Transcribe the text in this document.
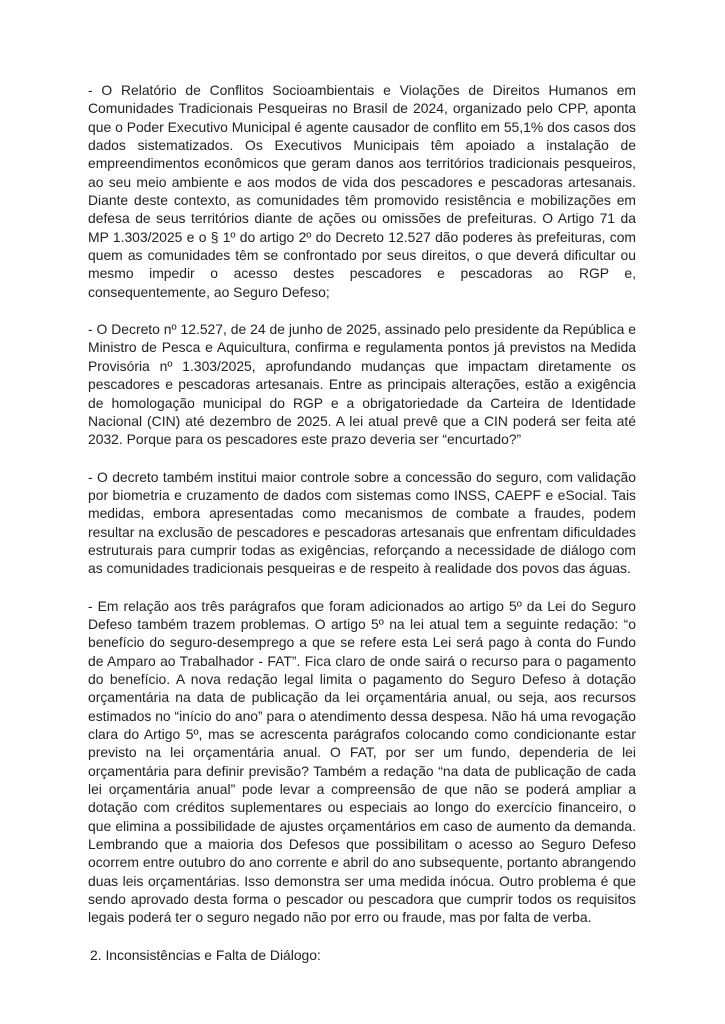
- O Relatório de Conflitos Socioambientais e Violações de Direitos Humanos em Comunidades Tradicionais Pesqueiras no Brasil de 2024, organizado pelo CPP, aponta que o Poder Executivo Municipal é agente causador de conflito em 55,1% dos casos dos dados sistematizados. Os Executivos Municipais têm apoiado a instalação de empreendimentos econômicos que geram danos aos territórios tradicionais pesqueiros, ao seu meio ambiente e aos modos de vida dos pescadores e pescadoras artesanais. Diante deste contexto, as comunidades têm promovido resistência e mobilizações em defesa de seus territórios diante de ações ou omissões de prefeituras. O Artigo 71 da MP 1.303/2025 e o § 1º do artigo 2º do Decreto 12.527 dão poderes às prefeituras, com quem as comunidades têm se confrontado por seus direitos, o que deverá dificultar ou mesmo impedir o acesso destes pescadores e pescadoras ao RGP e, consequentemente, ao Seguro Defeso;

- O Decreto nº 12.527, de 24 de junho de 2025, assinado pelo presidente da República e Ministro de Pesca e Aquicultura, confirma e regulamenta pontos já previstos na Medida Provisória nº 1.303/2025, aprofundando mudanças que impactam diretamente os pescadores e pescadoras artesanais. Entre as principais alterações, estão a exigência de homologação municipal do RGP e a obrigatoriedade da Carteira de Identidade Nacional (CIN) até dezembro de 2025. A lei atual prevê que a CIN poderá ser feita até 2032. Porque para os pescadores este prazo deveria ser “encurtado?”

- O decreto também institui maior controle sobre a concessão do seguro, com validação por biometria e cruzamento de dados com sistemas como INSS, CAEPF e eSocial. Tais medidas, embora apresentadas como mecanismos de combate a fraudes, podem resultar na exclusão de pescadores e pescadoras artesanais que enfrentam dificuldades estruturais para cumprir todas as exigências, reforçando a necessidade de diálogo com as comunidades tradicionais pesqueiras e de respeito à realidade dos povos das águas.

- Em relação aos três parágrafos que foram adicionados ao artigo 5º da Lei do Seguro Defeso também trazem problemas. O artigo 5º na lei atual tem a seguinte redação: “o benefício do seguro-desemprego a que se refere esta Lei será pago à conta do Fundo de Amparo ao Trabalhador - FAT”. Fica claro de onde sairá o recurso para o pagamento do benefício. A nova redação legal limita o pagamento do Seguro Defeso à dotação orçamentária na data de publicação da lei orçamentária anual, ou seja, aos recursos estimados no “início do ano” para o atendimento dessa despesa. Não há uma revogação clara do Artigo 5º, mas se acrescenta parágrafos colocando como condicionante estar previsto na lei orçamentária anual. O FAT, por ser um fundo, dependeria de lei orçamentária para definir previsão? Também a redação “na data de publicação de cada lei orçamentária anual” pode levar a compreensão de que não se poderá ampliar a dotação com créditos suplementares ou especiais ao longo do exercício financeiro, o que elimina a possibilidade de ajustes orçamentários em caso de aumento da demanda. Lembrando que a maioria dos Defesos que possibilitam o acesso ao Seguro Defeso ocorrem entre outubro do ano corrente e abril do ano subsequente, portanto abrangendo duas leis orçamentárias. Isso demonstra ser uma medida inócua. Outro problema é que sendo aprovado desta forma o pescador ou pescadora que cumprir todos os requisitos legais poderá ter o seguro negado não por erro ou fraude, mas por falta de verba.

2. Inconsistências e Falta de Diálogo:
